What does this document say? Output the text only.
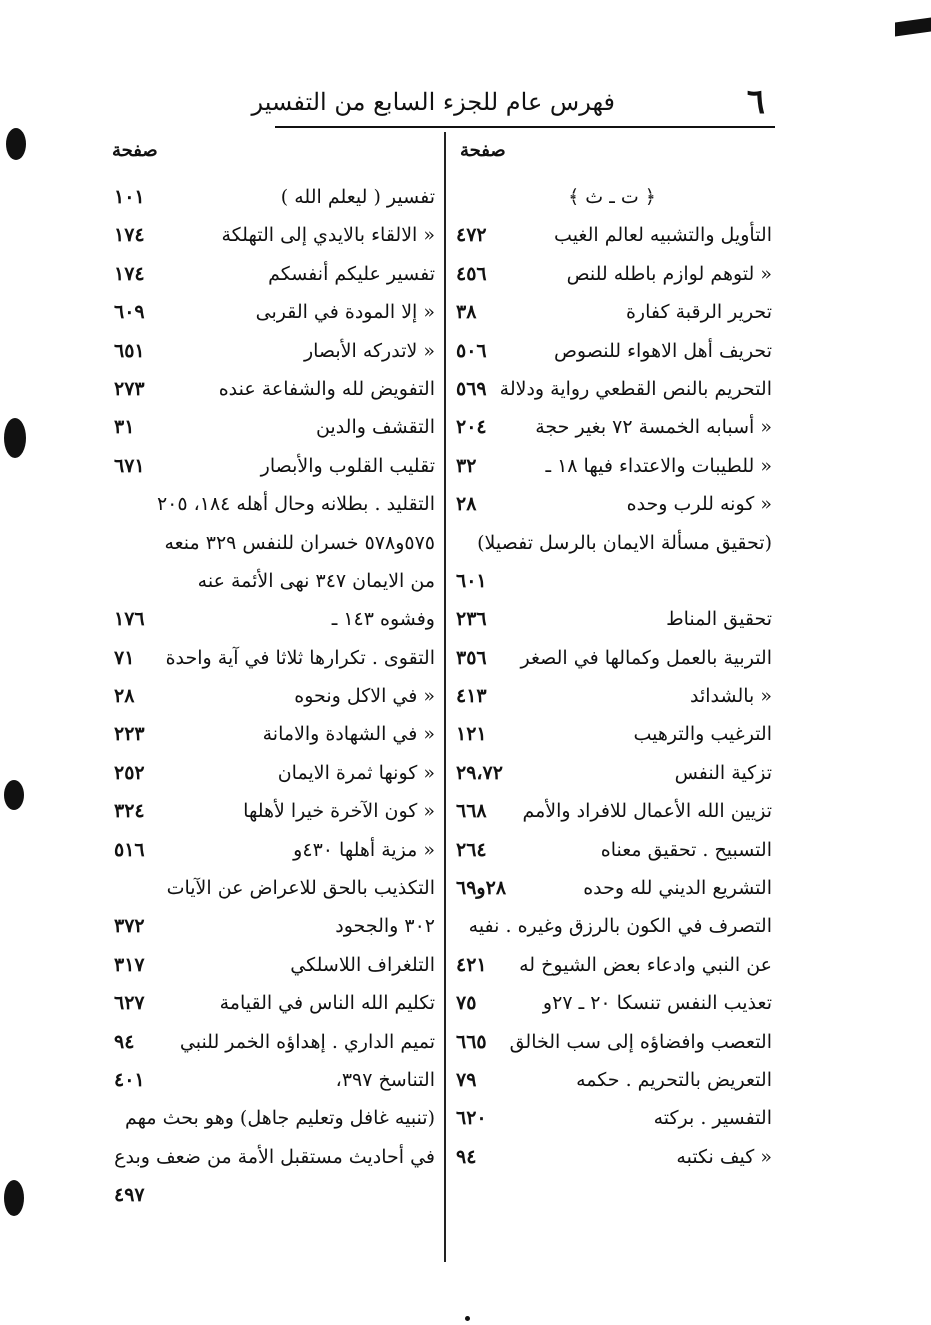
٦
فهرس عام للجزء السابع من التفسير
صفحة
صفحة
﴿ ت ـ ث ﴾
التأويل والتشبيه لعالم الغيب
٤٧٢
« لتوهم لوازم باطله للنص
٤٥٦
تحرير الرقبة كفارة
٣٨
تحريف أهل الاهواء للنصوص
٥٠٦
التحريم بالنص القطعي رواية ودلالة
٥٦٩
« أسبابه الخمسة ٧٢ بغير حجة
٢٠٤
« للطيبات والاعتداء فيها ١٨ ـ
٣٢
« كونه للرب وحده
٢٨
(تحقيق مسألة الايمان بالرسل تفصيلا)
٦٠١
تحقيق المناط
٢٣٦
التربية بالعمل وكمالها في الصغر
٣٥٦
« بالشدائد
٤١٣
الترغيب والترهيب
١٢١
تزكية النفس
٢٩،٧٢
تزيين الله الأعمال للافراد والأمم
٦٦٨
التسبيح . تحقيق معناه
٢٦٤
التشريع الديني لله وحده
٢٨و٦٩
التصرف في الكون بالرزق وغيره . نفيه
عن النبي وادعاء بعض الشيوخ له
٤٢١
تعذيب النفس تنسكا ٢٠ ـ ٢٧و
٧٥
التعصب وافضاؤه إلى سب الخالق
٦٦٥
التعريض بالتحريم . حكمه
٧٩
التفسير . بركته
٦٢٠
« كيف نكتبه
٩٤
تفسير ( ليعلم الله )
١٠١
« الالقاء بالايدي إلى التهلكة
١٧٤
تفسير عليكم أنفسكم
١٧٤
« إلا المودة في القربى
٦٠٩
« لاتدركه الأبصار
٦٥١
التفويض لله والشفاعة عنده
٢٧٣
التقشف والدين
٣١
تقليب القلوب والأبصار
٦٧١
التقليد . بطلانه وحال أهله ١٨٤، ٢٠٥
٥٧٥و٥٧٨ خسران للنفس ٣٢٩ منعه
من الايمان ٣٤٧ نهى الأئمة عنه
وفشوه ١٤٣ ـ
١٧٦
التقوى . تكرارها ثلاثا في آية واحدة
٧١
« في الاكل ونحوه
٢٨
« في الشهادة والامانة
٢٢٣
« كونها ثمرة الايمان
٢٥٢
« كون الآخرة خيرا لأهلها
٣٢٤
« مزية أهلها ٤٣٠و
٥١٦
التكذيب بالحق للاعراض عن الآيات
٣٠٢ والجحود
٣٧٢
التلغراف اللاسلكي
٣١٧
تكليم الله الناس في القيامة
٦٢٧
تميم الداري . إهداؤه الخمر للنبي
٩٤
التناسخ ٣٩٧،
٤٠١
(تنبيه غافل وتعليم جاهل) وهو بحث مهم
في أحاديث مستقبل الأمة من ضعف وبدع
٤٩٧
